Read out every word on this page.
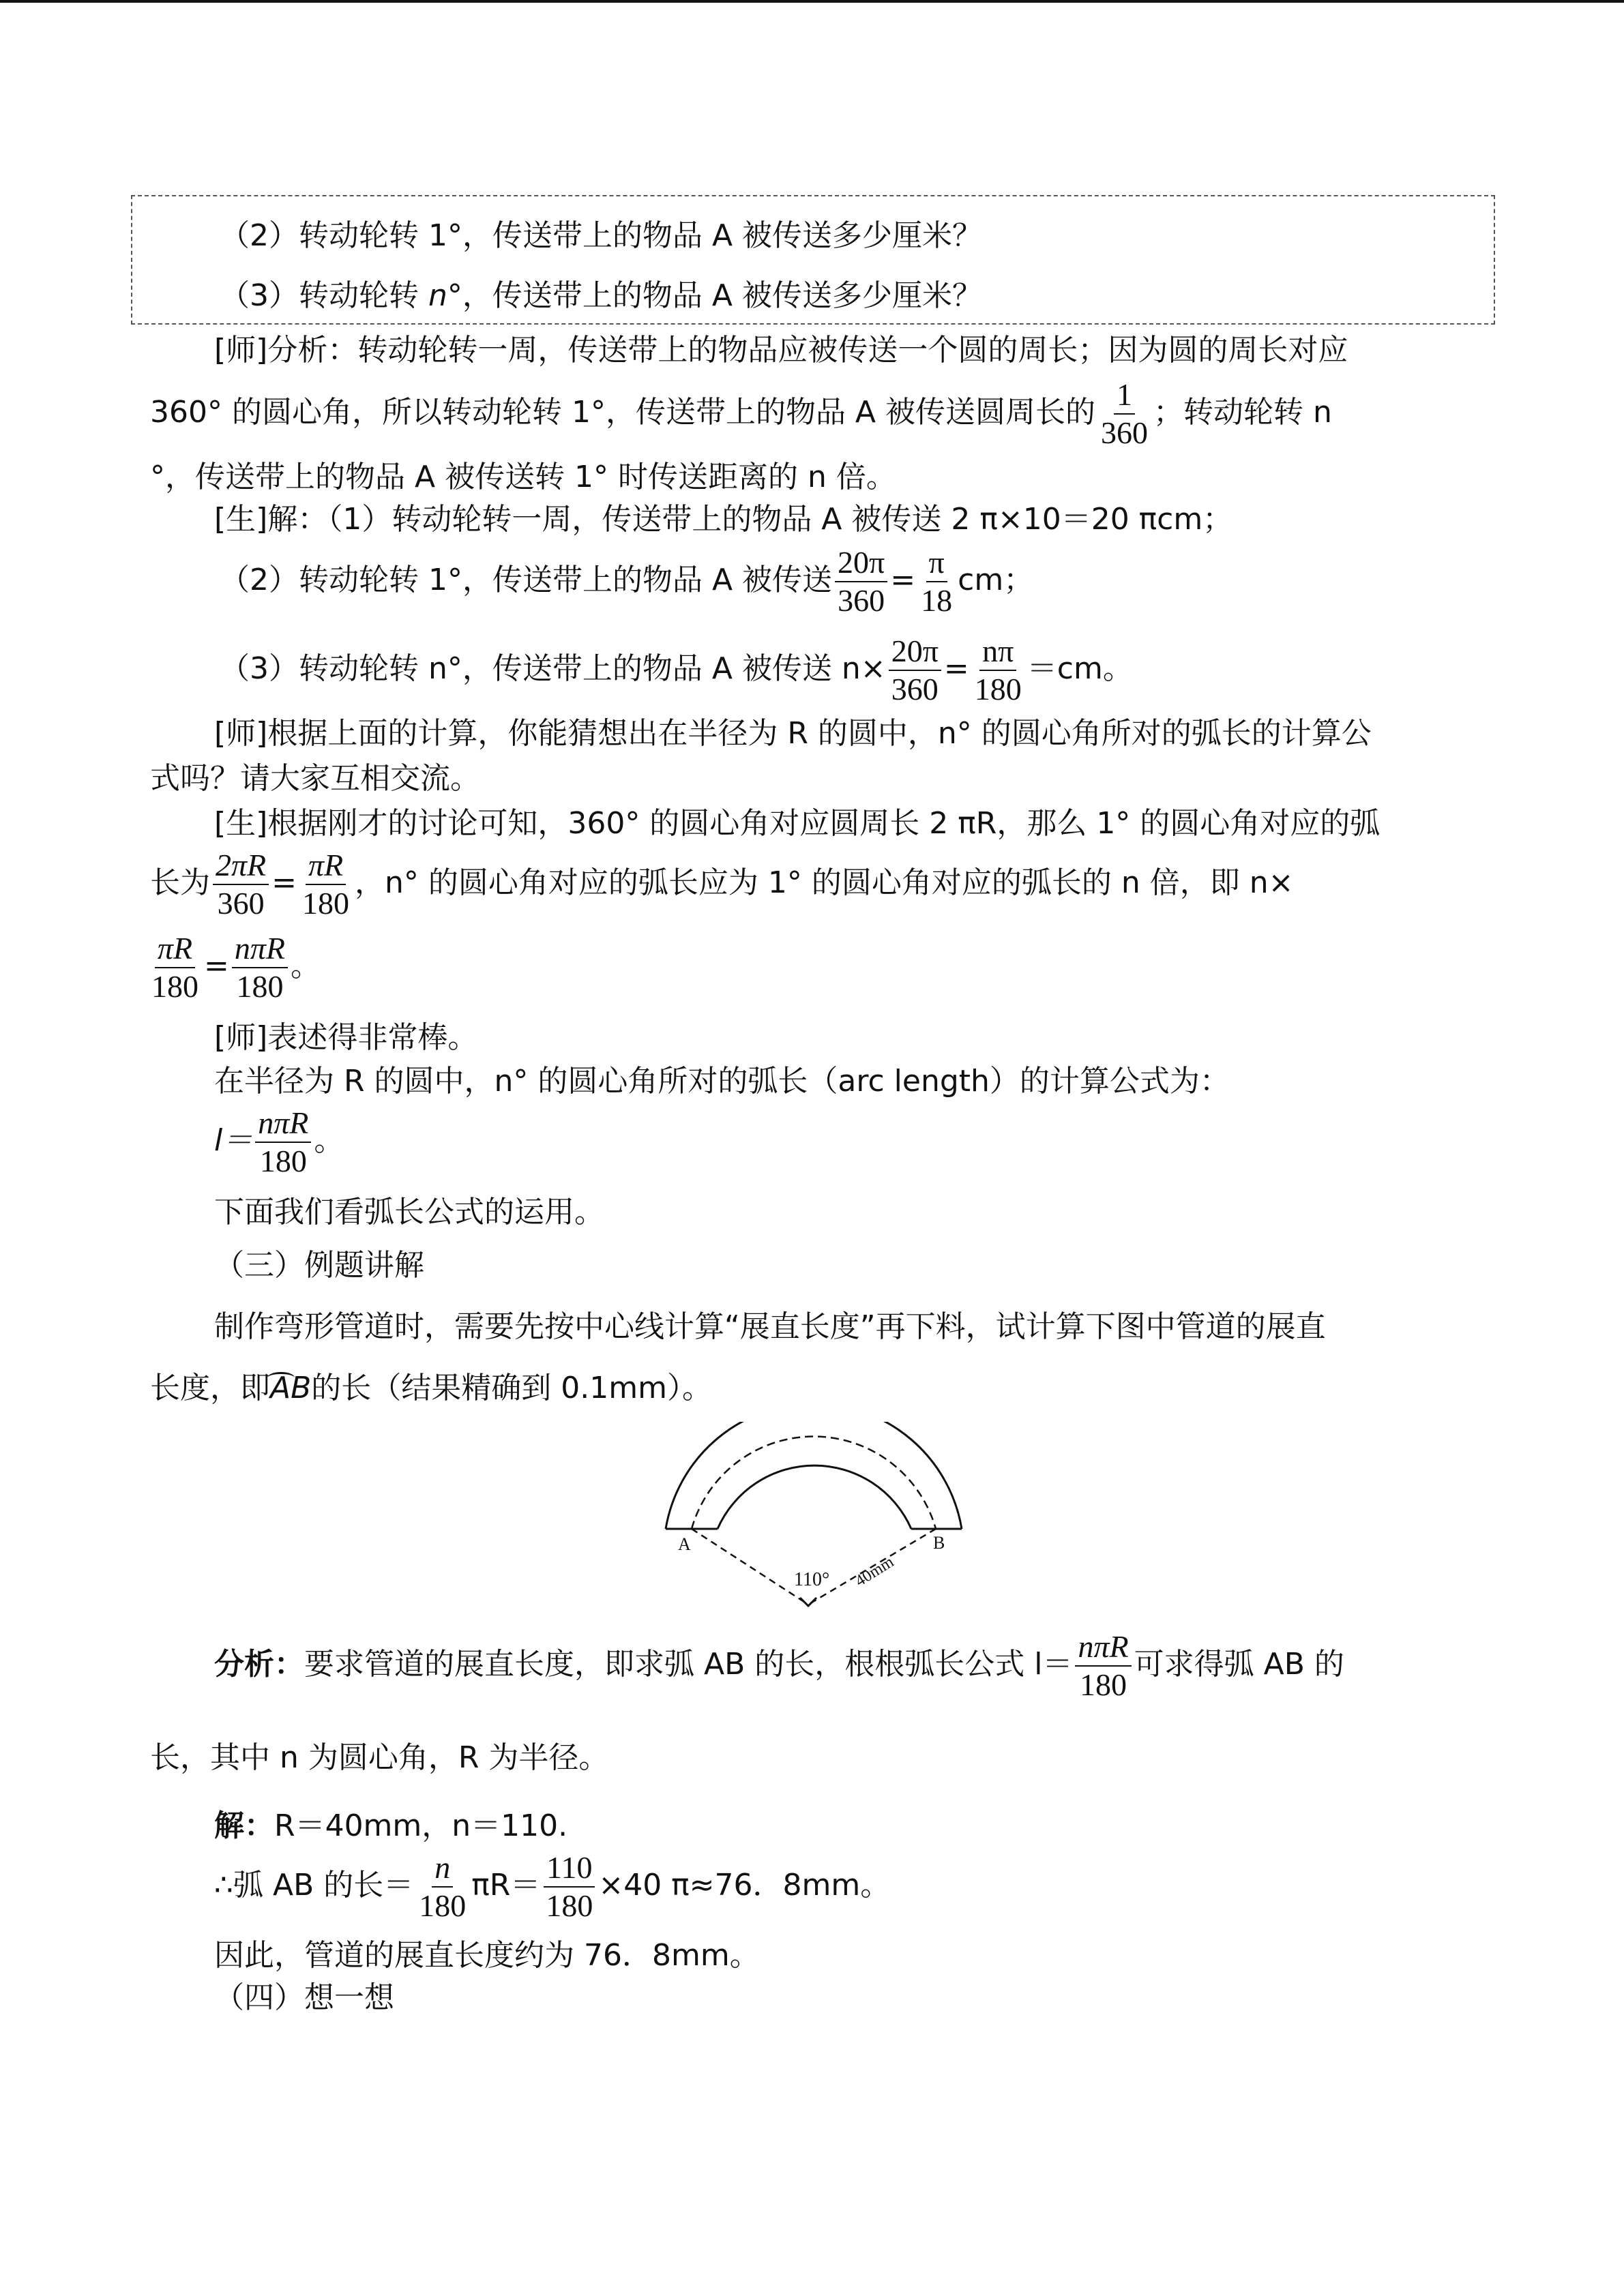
（2）转动轮转 1°，传送带上的物品 A 被传送多少厘米？
（3）转动轮转 n°，传送带上的物品 A 被传送多少厘米？
[师]分析：转动轮转一周，传送带上的物品应被传送一个圆的周长；因为圆的周长对应
360° 的圆心角，所以转动轮转 1°，传送带上的物品 A 被传送圆周长的 $\frac{1}{360}$ ；转动轮转 n
°，传送带上的物品 A 被传送转 1° 时传送距离的 n 倍。
[生]解：（1）转动轮转一周，传送带上的物品 A 被传送 2 π×10＝20 πcm；
（2）转动轮转 1°，传送带上的物品 A 被传送 $\frac{20\pi}{360} = \frac{\pi}{18}$ cm；
（3）转动轮转 n°，传送带上的物品 A 被传送 $n\times \frac{20\pi}{360} = \frac{n\pi}{180} =cm$。
[师]根据上面的计算，你能猜想出在半径为 R 的圆中，n° 的圆心角所对的弧长的计算公
式吗？请大家互相交流。
[生]根据刚才的讨论可知，360° 的圆心角对应圆周长 2 πR，那么 1° 的圆心角对应的弧
长为 $\frac{2\pi R}{360} = \frac{\pi R}{180}$ ，n° 的圆心角对应的弧长应为 1° 的圆心角对应的弧长的 n 倍，即 n×
$\frac{\pi R}{180} = \frac{\text{nπR}}{180}$ 。
[师]表述得非常棒。
在半径为 R 的圆中，n° 的圆心角所对的弧长（arc length）的计算公式为：
$l= \frac{\text{nπR}}{180}$ 。
下面我们看弧长公式的运用。
（三）例题讲解
制作弯形管道时，需要先按中心线计算“展直长度”再下料，试计算下图中管道的展直
长度，即AB的长（结果精确到 0.1mm）。
A	B
110° 40mm
分析：要求管道的展直长度，即求弧 AB 的长，根根弧长公式 $l= \frac{\text{nπR}}{180}$ 可求得弧 AB 的
长，其中 n 为圆心角，R 为半径。
解：R＝40mm，n＝110.
∴弧 AB 的长＝ $\frac{n}{180} \pi R= \frac{110}{180} \times 40$ π≈76．8mm。
因此，管道的展直长度约为 76．8mm。
（四）想一想
